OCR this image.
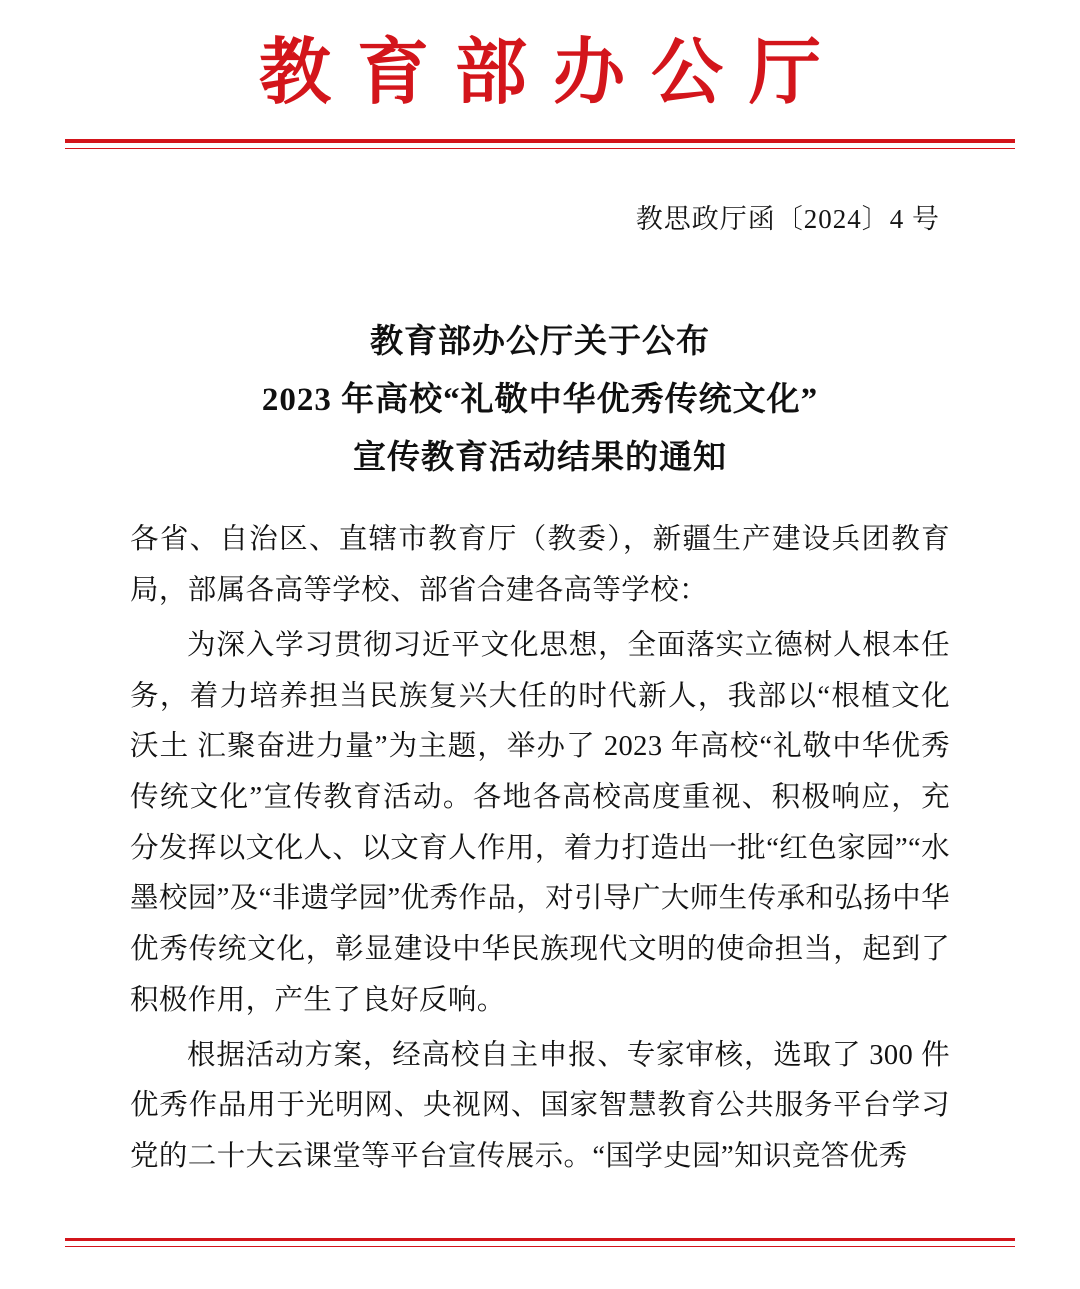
教育部办公厅
教思政厅函〔2024〕4 号
教育部办公厅关于公布
2023 年高校“礼敬中华优秀传统文化”
宣传教育活动结果的通知

各省、自治区、直辖市教育厅（教委），新疆生产建设兵团教育局，部属各高等学校、部省合建各高等学校：

为深入学习贯彻习近平文化思想，全面落实立德树人根本任务，着力培养担当民族复兴大任的时代新人，我部以“根植文化沃土 汇聚奋进力量”为主题，举办了 2023 年高校“礼敬中华优秀传统文化”宣传教育活动。各地各高校高度重视、积极响应，充分发挥以文化人、以文育人作用，着力打造出一批“红色家园”“水墨校园”及“非遗学园”优秀作品，对引导广大师生传承和弘扬中华优秀传统文化，彰显建设中华民族现代文明的使命担当，起到了积极作用，产生了良好反响。

根据活动方案，经高校自主申报、专家审核，选取了 300 件优秀作品用于光明网、央视网、国家智慧教育公共服务平台学习党的二十大云课堂等平台宣传展示。“国学史园”知识竞答优秀
